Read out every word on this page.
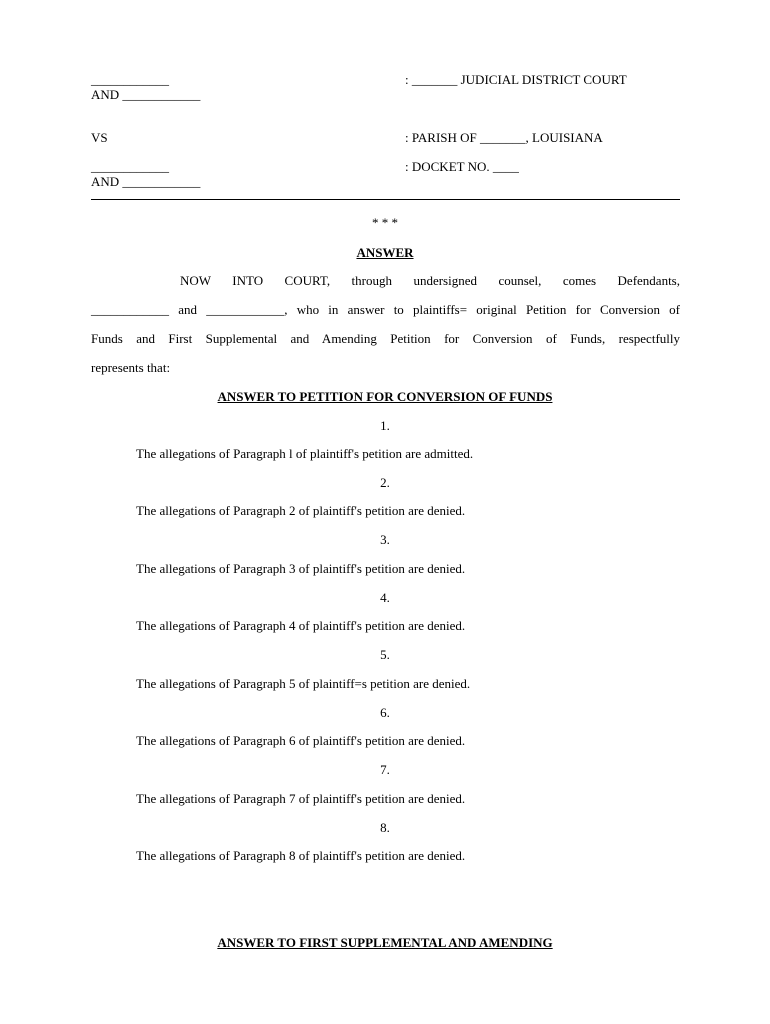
____________
AND ____________
VS
____________
AND ____________
: _______ JUDICIAL DISTRICT COURT
: PARISH OF _______, LOUISIANA
: DOCKET NO. ____
* * *
ANSWER
NOW INTO COURT, through undersigned counsel, comes Defendants,
____________ and ____________, who in answer to plaintiffs= original Petition for Conversion of
Funds and First Supplemental and Amending Petition for Conversion of Funds, respectfully
represents that:
ANSWER TO PETITION FOR CONVERSION OF FUNDS
1.
The allegations of Paragraph l of plaintiff's petition are admitted.
2.
The allegations of Paragraph 2 of plaintiff's petition are denied.
3.
The allegations of Paragraph 3 of plaintiff's petition are denied.
4.
The allegations of Paragraph 4 of plaintiff's petition are denied.
5.
The allegations of Paragraph 5 of plaintiff=s petition are denied.
6.
The allegations of Paragraph 6 of plaintiff's petition are denied.
7.
The allegations of Paragraph 7 of plaintiff's petition are denied.
8.
The allegations of Paragraph 8 of plaintiff's petition are denied.
ANSWER TO FIRST SUPPLEMENTAL AND AMENDING
